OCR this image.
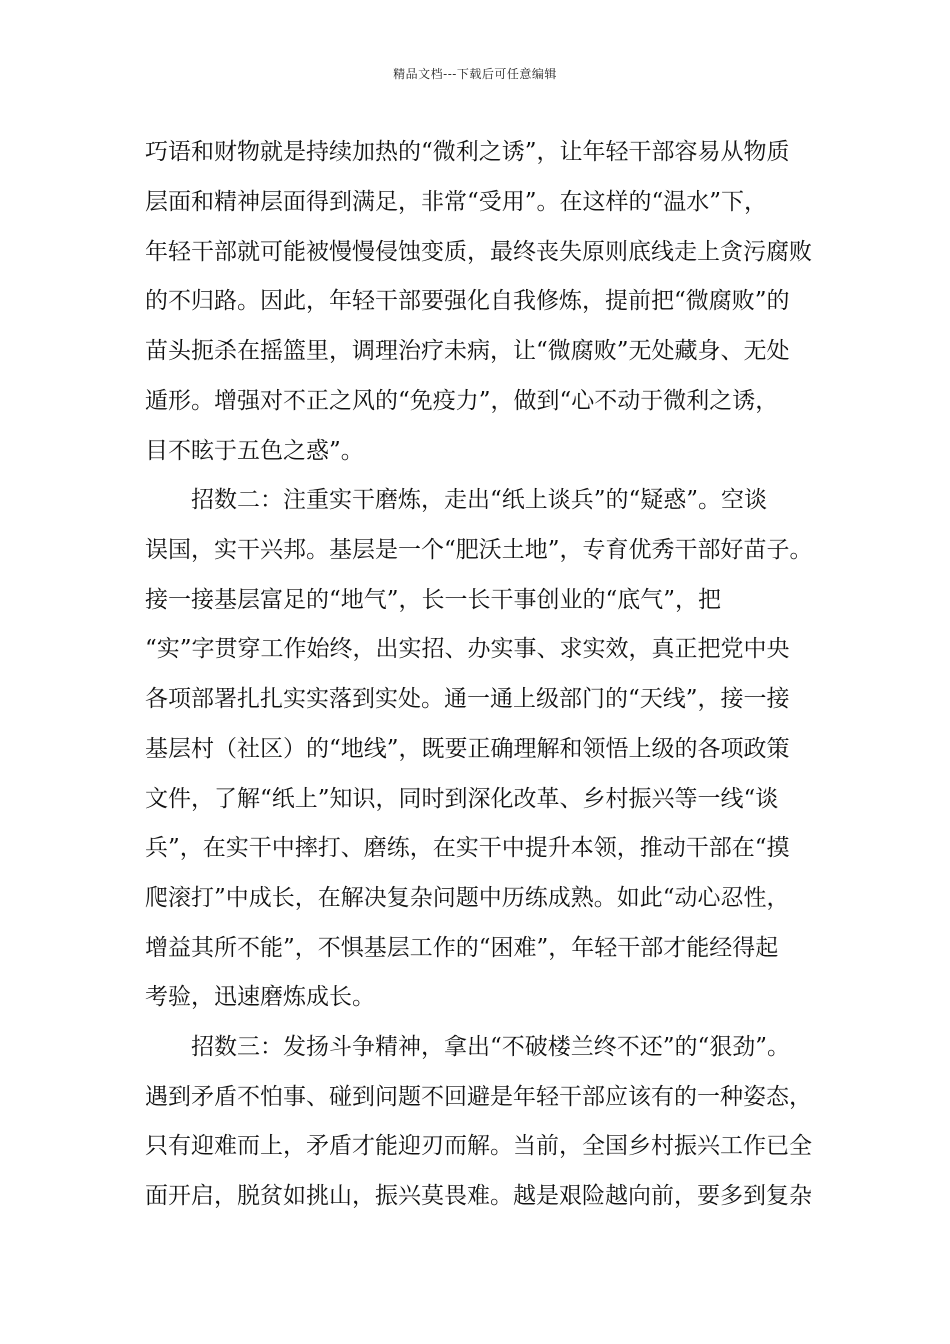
精品文档---下载后可任意编辑
巧语和财物就是持续加热的“微利之诱”，让年轻干部容易从物质
层面和精神层面得到满足，非常“受用”。在这样的“温水”下，
年轻干部就可能被慢慢侵蚀变质，最终丧失原则底线走上贪污腐败
的不归路。因此，年轻干部要强化自我修炼，提前把“微腐败”的
苗头扼杀在摇篮里，调理治疗未病，让“微腐败”无处藏身、无处
遁形。增强对不正之风的“免疫力”，做到“心不动于微利之诱，
目不眩于五色之惑”。
　　招数二：注重实干磨炼，走出“纸上谈兵”的“疑惑”。空谈
误国，实干兴邦。基层是一个“肥沃土地”，专育优秀干部好苗子。
接一接基层富足的“地气”，长一长干事创业的“底气”，把
“实”字贯穿工作始终，出实招、办实事、求实效，真正把党中央
各项部署扎扎实实落到实处。通一通上级部门的“天线”，接一接
基层村（社区）的“地线”，既要正确理解和领悟上级的各项政策
文件，了解“纸上”知识，同时到深化改革、乡村振兴等一线“谈
兵”，在实干中摔打、磨练，在实干中提升本领，推动干部在“摸
爬滚打”中成长，在解决复杂问题中历练成熟。如此“动心忍性，
增益其所不能”，不惧基层工作的“困难”，年轻干部才能经得起
考验，迅速磨炼成长。
　　招数三：发扬斗争精神，拿出“不破楼兰终不还”的“狠劲”。
遇到矛盾不怕事、碰到问题不回避是年轻干部应该有的一种姿态，
只有迎难而上，矛盾才能迎刃而解。当前，全国乡村振兴工作已全
面开启，脱贫如挑山，振兴莫畏难。越是艰险越向前，要多到复杂
